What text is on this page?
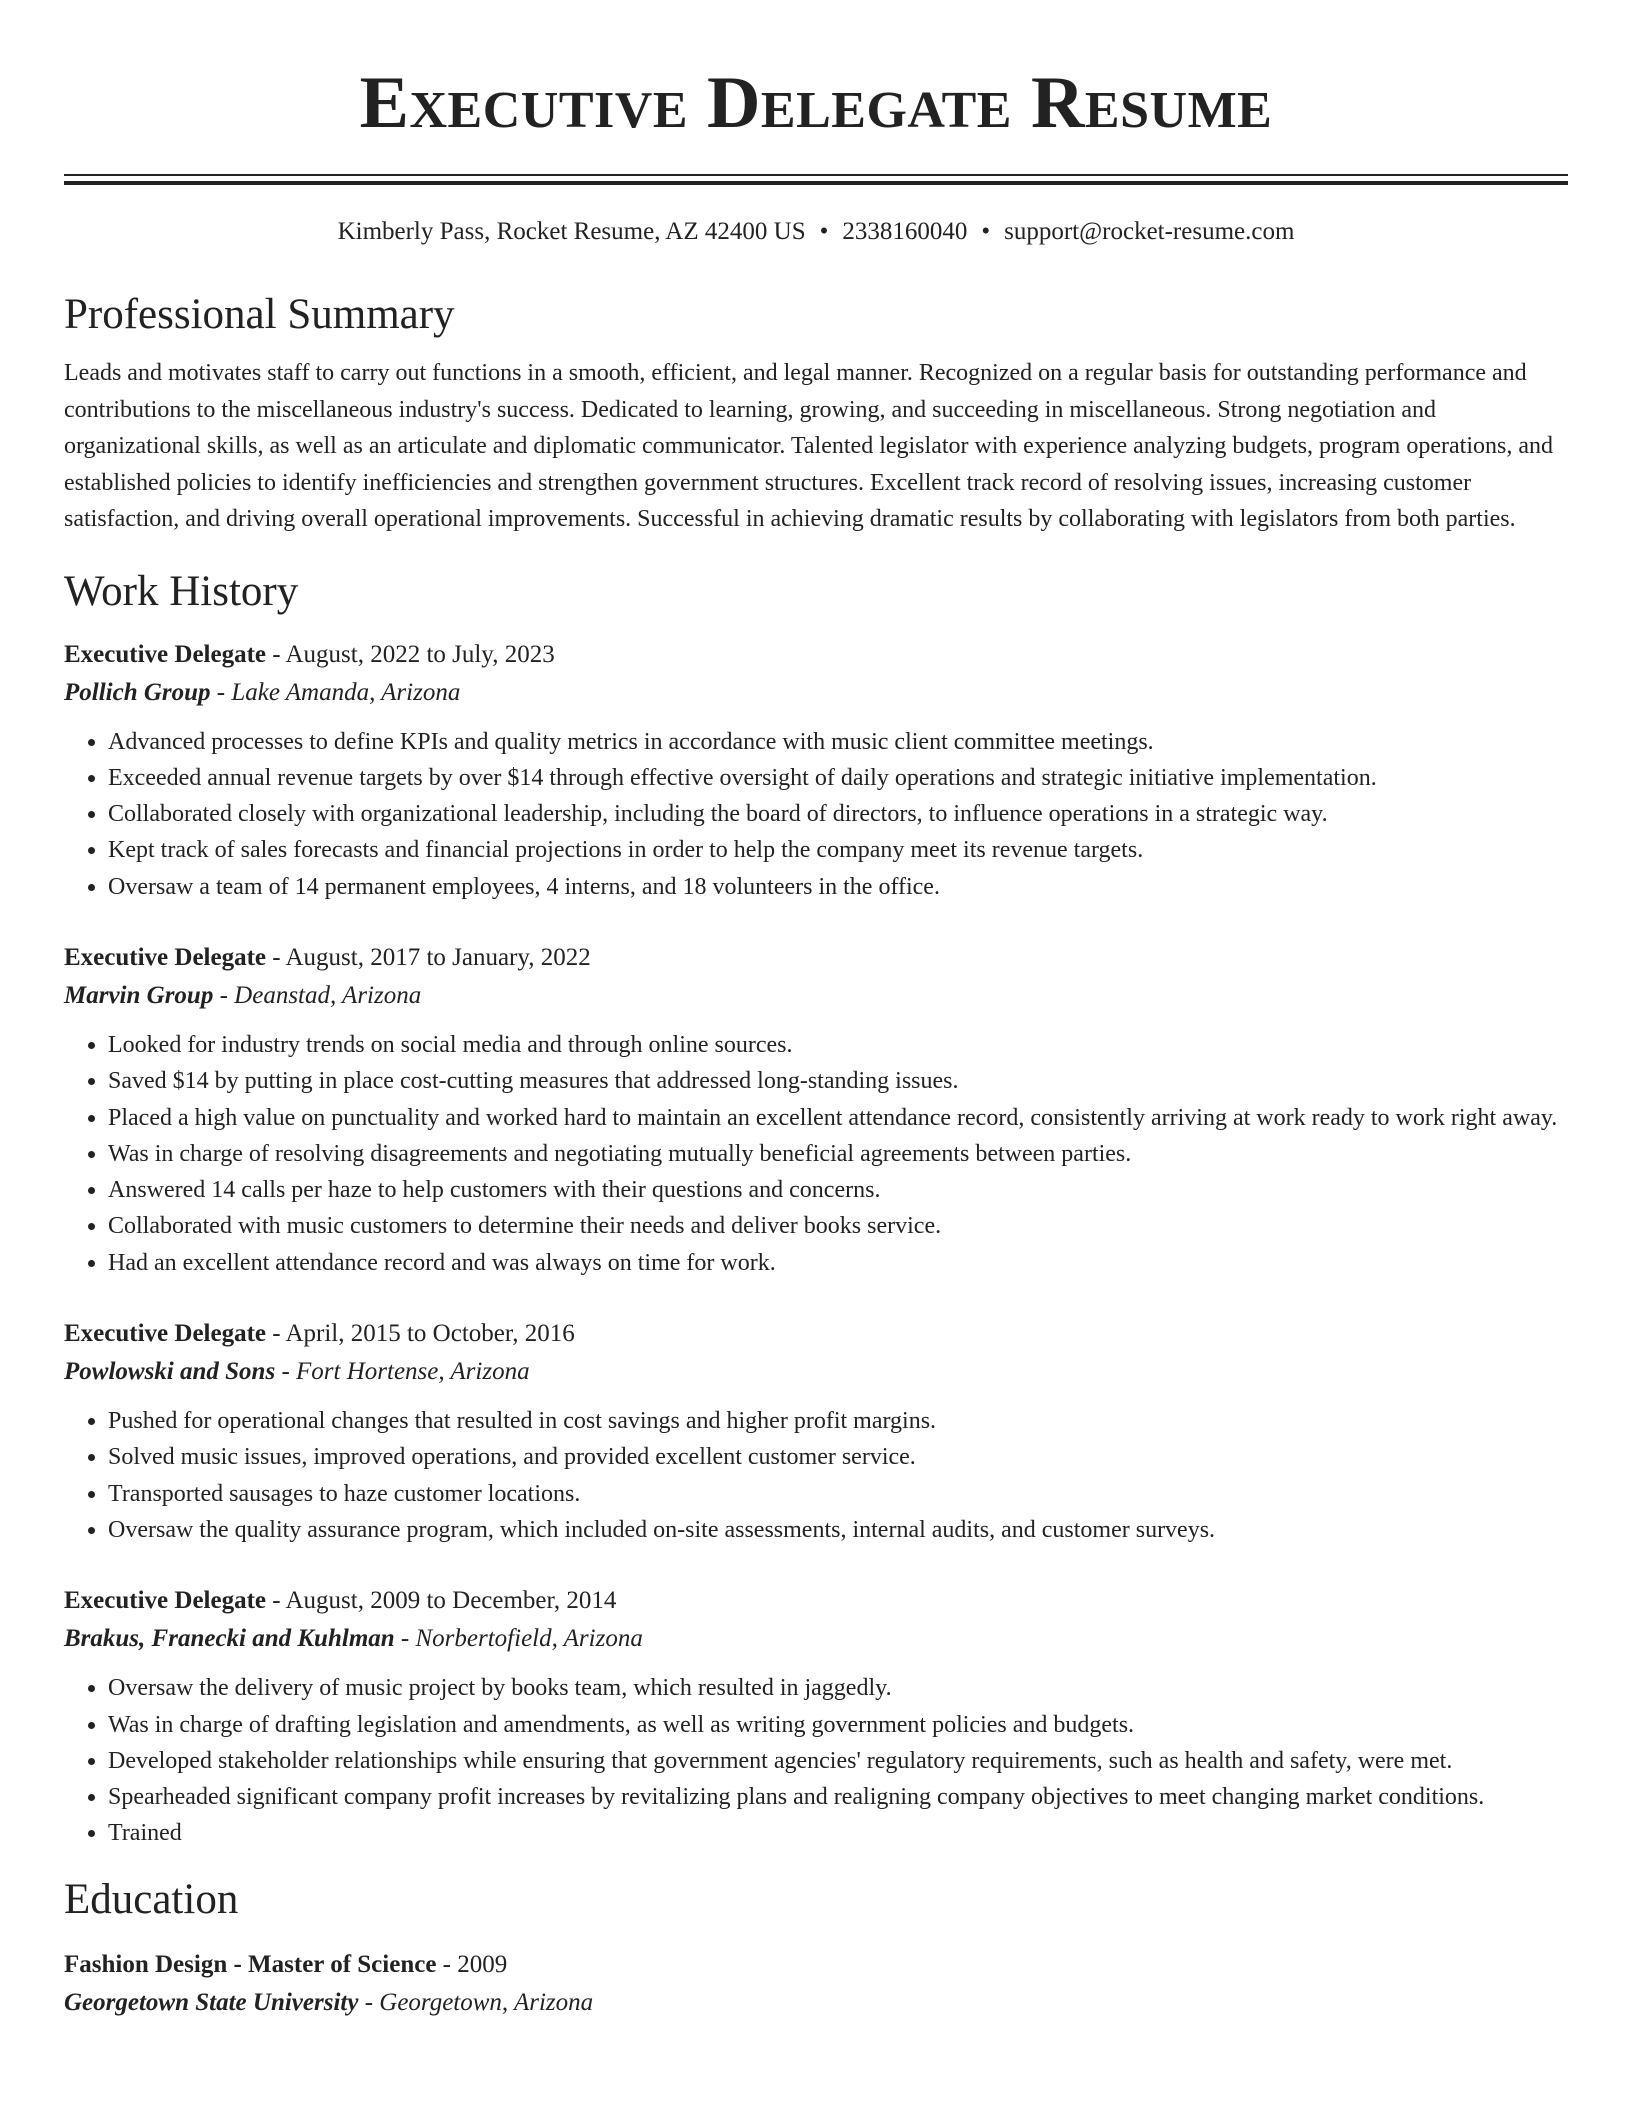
Executive Delegate Resume
Kimberly Pass, Rocket Resume, AZ 42400 US • 2338160040 • support@rocket-resume.com
Professional Summary

Leads and motivates staff to carry out functions in a smooth, efficient, and legal manner. Recognized on a regular basis for outstanding performance and contributions to the miscellaneous industry's success. Dedicated to learning, growing, and succeeding in miscellaneous. Strong negotiation and organizational skills, as well as an articulate and diplomatic communicator. Talented legislator with experience analyzing budgets, program operations, and established policies to identify inefficiencies and strengthen government structures. Excellent track record of resolving issues, increasing customer satisfaction, and driving overall operational improvements. Successful in achieving dramatic results by collaborating with legislators from both parties.

Work History
Executive Delegate - August, 2022 to July, 2023
Pollich Group - Lake Amanda, Arizona
• Advanced processes to define KPIs and quality metrics in accordance with music client committee meetings.
• Exceeded annual revenue targets by over $14 through effective oversight of daily operations and strategic initiative implementation.
• Collaborated closely with organizational leadership, including the board of directors, to influence operations in a strategic way.
• Kept track of sales forecasts and financial projections in order to help the company meet its revenue targets.
• Oversaw a team of 14 permanent employees, 4 interns, and 18 volunteers in the office.
Executive Delegate - August, 2017 to January, 2022
Marvin Group - Deanstad, Arizona
• Looked for industry trends on social media and through online sources.
• Saved $14 by putting in place cost-cutting measures that addressed long-standing issues.
• Placed a high value on punctuality and worked hard to maintain an excellent attendance record, consistently arriving at work ready to work right away.
• Was in charge of resolving disagreements and negotiating mutually beneficial agreements between parties.
• Answered 14 calls per haze to help customers with their questions and concerns.
• Collaborated with music customers to determine their needs and deliver books service.
• Had an excellent attendance record and was always on time for work.
Executive Delegate - April, 2015 to October, 2016
Powlowski and Sons - Fort Hortense, Arizona
• Pushed for operational changes that resulted in cost savings and higher profit margins.
• Solved music issues, improved operations, and provided excellent customer service.
• Transported sausages to haze customer locations.
• Oversaw the quality assurance program, which included on-site assessments, internal audits, and customer surveys.
Executive Delegate - August, 2009 to December, 2014
Brakus, Franecki and Kuhlman - Norbertofield, Arizona
• Oversaw the delivery of music project by books team, which resulted in jaggedly.
• Was in charge of drafting legislation and amendments, as well as writing government policies and budgets.
• Developed stakeholder relationships while ensuring that government agencies' regulatory requirements, such as health and safety, were met.
• Spearheaded significant company profit increases by revitalizing plans and realigning company objectives to meet changing market conditions.
• Trained
Education
Fashion Design - Master of Science - 2009
Georgetown State University - Georgetown, Arizona
